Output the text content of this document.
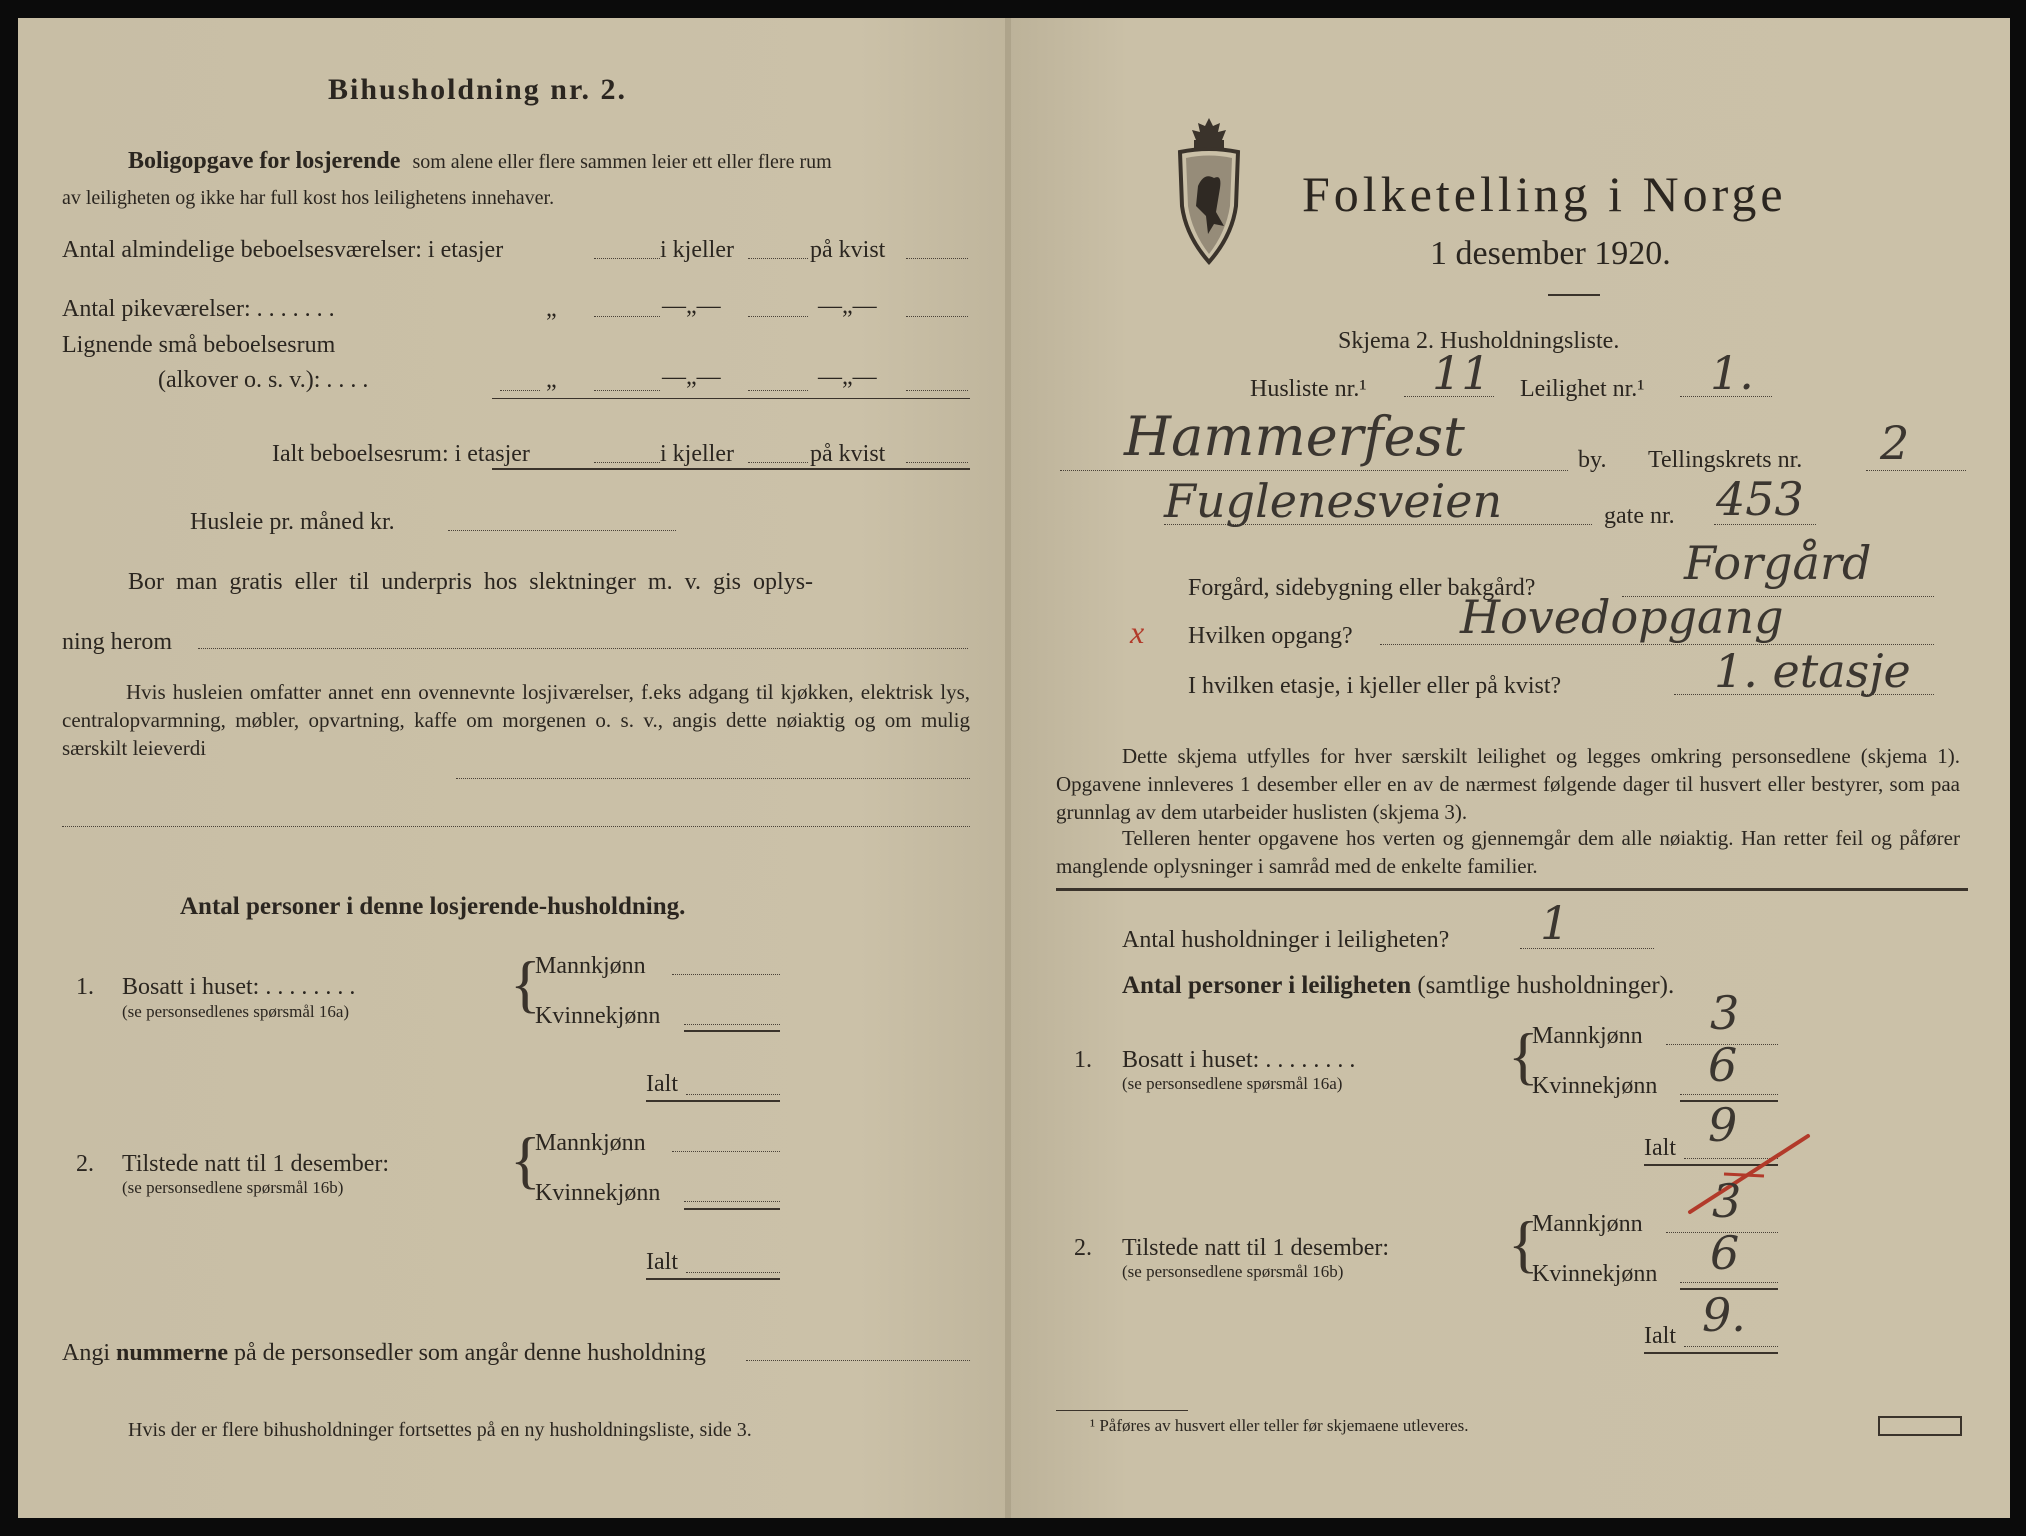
Bihusholdning nr. 2.
Boligopgave for losjerende som alene eller flere sammen leier ett eller flere rum
av leiligheten og ikke har full kost hos leilighetens innehaver.
Antal almindelige beboelsesværelser: i etasjer	i kjeller	på kvist
Antal pikeværelser: . . . . . . .	„	—„—	—„—
Lignende små beboelsesrum
(alkover o. s. v.): . . . .	„	—„—	—„—
Ialt beboelsesrum: i etasjer	i kjeller	på kvist
Husleie pr. måned kr.
Bor man gratis eller til underpris hos slektninger m. v. gis oplys-
ning herom
Hvis husleien omfatter annet enn ovennevnte losjiværelser, f.eks adgang til kjøkken, elektrisk lys, centralopvarmning, møbler, opvartning, kaffe om morgenen o. s. v., angis dette nøiaktig og om mulig særskilt leieverdi
Antal personer i denne losjerende-husholdning.
1. Bosatt i huset: . . . . . . . .
(se personsedlenes spørsmål 16a)	{
Mannkjønn
Kvinnekjønn
Ialt
2. Tilstede natt til 1 desember:
(se personsedlene spørsmål 16b)	{
Mannkjønn
Kvinnekjønn
Ialt
Angi nummerne på de personsedler som angår denne husholdning
Hvis der er flere bihusholdninger fortsettes på en ny husholdningsliste, side 3.
Folketelling i Norge
1 desember 1920.
Skjema 2. Husholdningsliste.
Husliste nr.¹ 11 Leilighet nr.¹ 1.
Hammerfest	by. Tellingskrets nr. 2
Fuglenesveien	gate nr. 453
Forgård, sidebygning eller bakgård?	Forgård
x Hvilken opgang? Hovedopgang
I hvilken etasje, i kjeller eller på kvist?	1. etasje
Dette skjema utfylles for hver særskilt leilighet og legges omkring personsedlene (skjema 1). Opgavene innleveres 1 desember eller en av de nærmest følgende dager til husvert eller bestyrer, som paa grunnlag av dem utarbeider huslisten (skjema 3).
Telleren henter opgavene hos verten og gjennemgår dem alle nøiaktig. Han retter feil og påfører manglende oplysninger i samråd med de enkelte familier.
Antal husholdninger i leiligheten? 1
Antal personer i leiligheten (samtlige husholdninger).
1. Bosatt i huset: . . . . . . . .
(se personsedlene spørsmål 16a)	{
Mannkjønn 3
Kvinnekjønn 6
Ialt 9
2. Tilstede natt til 1 desember:
(se personsedlene spørsmål 16b)	{
Mannkjønn 3
Kvinnekjønn 6
Ialt 9.
¹ Påføres av husvert eller teller før skjemaene utleveres.
